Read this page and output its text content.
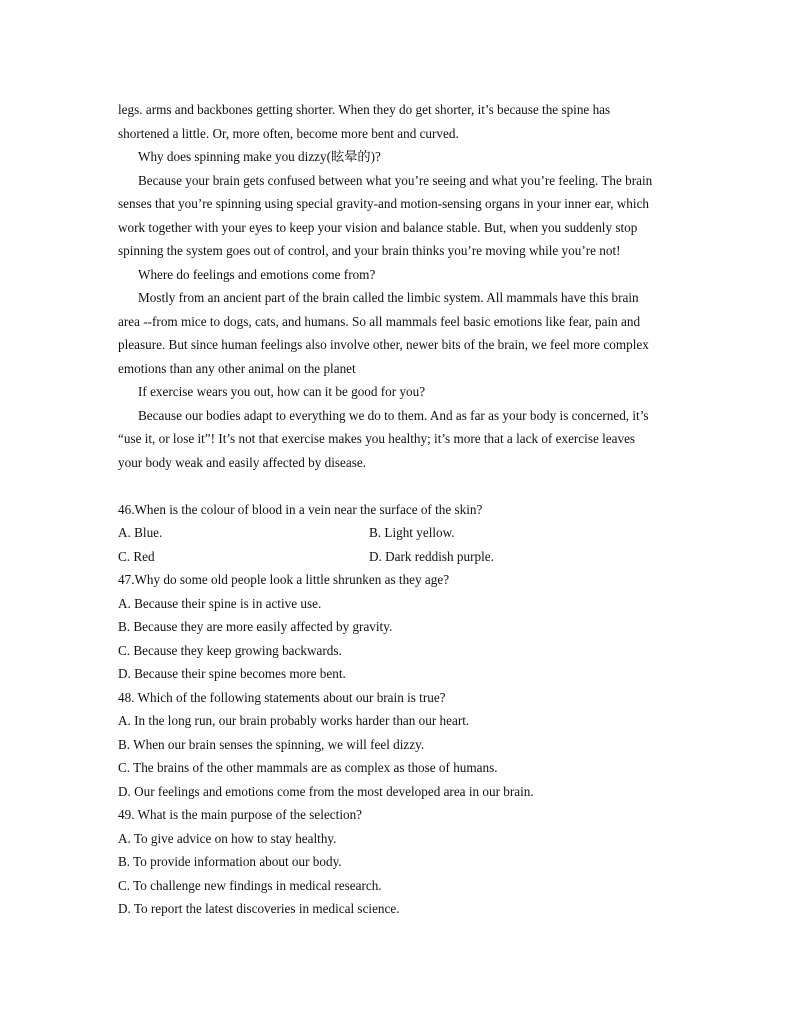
legs. arms and backbones getting shorter. When they do get shorter, it’s because the spine has
shortened a little. Or, more often, become more bent and curved.
Why does spinning make you dizzy(眩晕的)?
Because your brain gets confused between what you’re seeing and what you’re feeling. The brain
senses that you’re spinning using special gravity-and motion-sensing organs in your inner ear, which
work together with your eyes to keep your vision and balance stable. But, when you suddenly stop
spinning the system goes out of control, and your brain thinks you’re moving while you’re not!
Where do feelings and emotions come from?
Mostly from an ancient part of the brain called the limbic system. All mammals have this brain
area --from mice to dogs, cats, and humans. So all mammals feel basic emotions like fear, pain and
pleasure. But since human feelings also involve other, newer bits of the brain, we feel more complex
emotions than any other animal on the planet
If exercise wears you out, how can it be good for you?
Because our bodies adapt to everything we do to them. And as far as your body is concerned, it’s
“use it, or lose it”! It’s not that exercise makes you healthy; it’s more that a lack of exercise leaves
your body weak and easily affected by disease.
46.When is the colour of blood in a vein near the surface of the skin?
A. Blue.	B. Light yellow.
C. Red	D. Dark reddish purple.
47.Why do some old people look a little shrunken as they age?
A. Because their spine is in active use.
B. Because they are more easily affected by gravity.
C. Because they keep growing backwards.
D. Because their spine becomes more bent.
48. Which of the following statements about our brain is true?
A. In the long run, our brain probably works harder than our heart.
B. When our brain senses the spinning, we will feel dizzy.
C. The brains of the other mammals are as complex as those of humans.
D. Our feelings and emotions come from the most developed area in our brain.
49. What is the main purpose of the selection?
A. To give advice on how to stay healthy.
B. To provide information about our body.
C. To challenge new findings in medical research.
D. To report the latest discoveries in medical science.
